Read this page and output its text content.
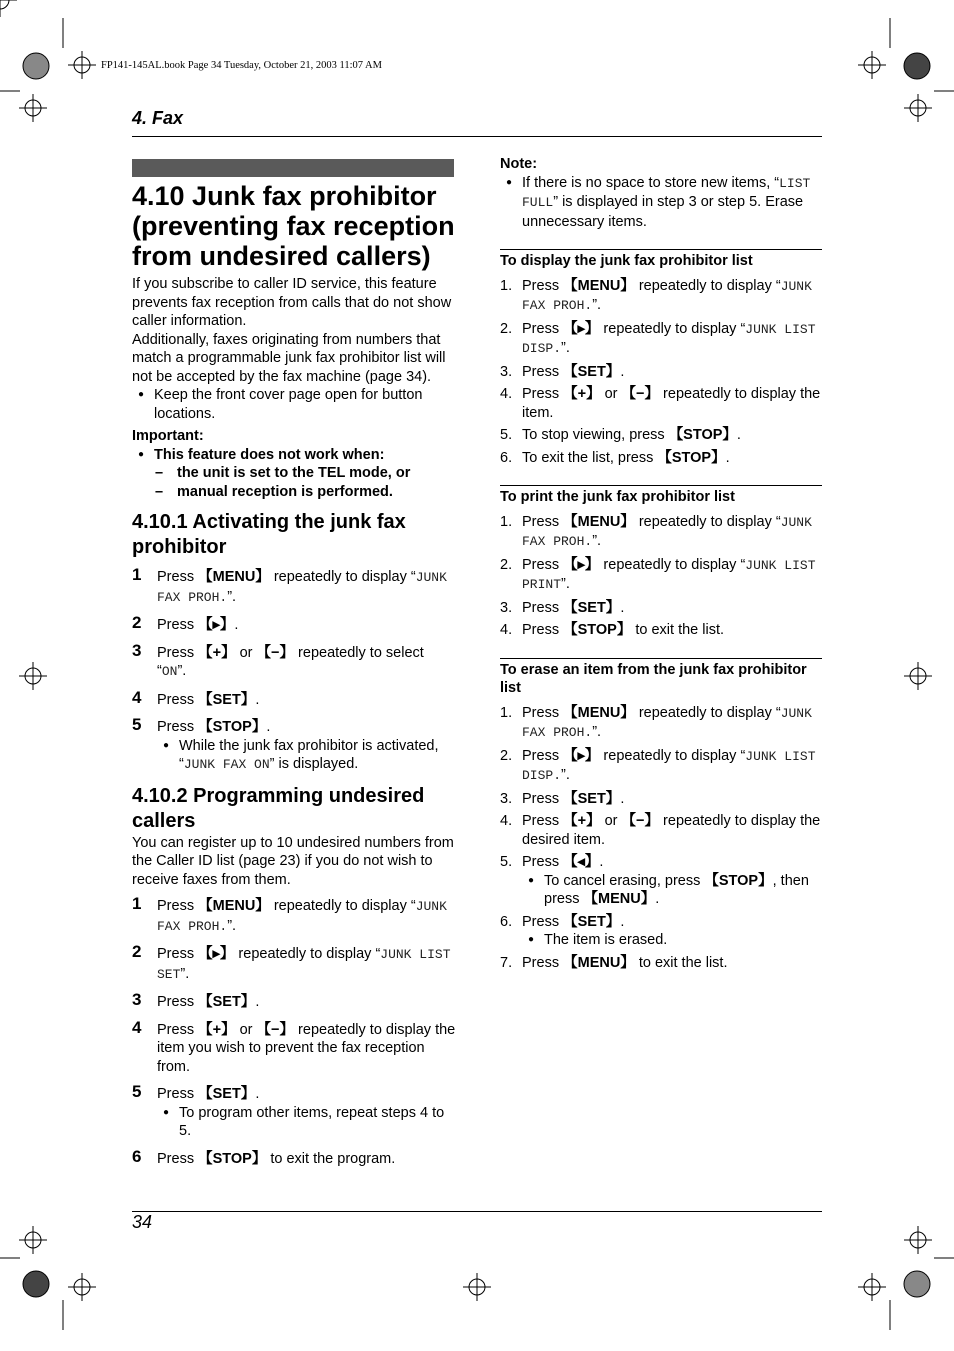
FP141-145AL.book Page 34 Tuesday, October 21, 2003 11:07 AM
4. Fax
4.10 Junk fax prohibitor (preventing fax reception from undesired callers)

If you subscribe to caller ID service, this feature prevents fax reception from calls that do not show caller information.

Additionally, faxes originating from numbers that match a programmable junk fax prohibitor list will not be accepted by the fax machine (page 34).

● Keep the front cover page open for button locations.

Important:

● This feature does not work when:
– the unit is set to the TEL mode, or
– manual reception is performed.
4.10.1 Activating the junk fax prohibitor
1 Press 【MENU】 repeatedly to display “JUNK FAX PROH.”.
2 Press 【▸】.
3 Press 【+】 or 【−】 repeatedly to select “ON”.
4 Press 【SET】.
5 Press 【STOP】.
● While the junk fax prohibitor is activated, “JUNK FAX ON” is displayed.
4.10.2 Programming undesired callers

You can register up to 10 undesired numbers from the Caller ID list (page 23) if you do not wish to receive faxes from them.

1 Press 【MENU】 repeatedly to display “JUNK FAX PROH.”.
2 Press 【▸】 repeatedly to display “JUNK LIST SET”.
3 Press 【SET】.
4 Press 【+】 or 【−】 repeatedly to display the item you wish to prevent the fax reception from.
5 Press 【SET】.
● To program other items, repeat steps 4 to 5.
6 Press 【STOP】 to exit the program.

Note:

● If there is no space to store new items, “LIST FULL” is displayed in step 3 or step 5. Erase unnecessary items.
To display the junk fax prohibitor list
1. Press 【MENU】 repeatedly to display “JUNK FAX PROH.”.
2. Press 【▸】 repeatedly to display “JUNK LIST DISP.”.
3. Press 【SET】.
4. Press 【+】 or 【−】 repeatedly to display the item.
5. To stop viewing, press 【STOP】.
6. To exit the list, press 【STOP】.
To print the junk fax prohibitor list
1. Press 【MENU】 repeatedly to display “JUNK FAX PROH.”.
2. Press 【▸】 repeatedly to display “JUNK LIST PRINT”.
3. Press 【SET】.
4. Press 【STOP】 to exit the list.
To erase an item from the junk fax prohibitor list
1. Press 【MENU】 repeatedly to display “JUNK FAX PROH.”.
2. Press 【▸】 repeatedly to display “JUNK LIST DISP.”.
3. Press 【SET】.
4. Press 【+】 or 【−】 repeatedly to display the desired item.
5. Press 【◂】.
● To cancel erasing, press 【STOP】, then press 【MENU】.
6. Press 【SET】.
● The item is erased.
7. Press 【MENU】 to exit the list.
34
